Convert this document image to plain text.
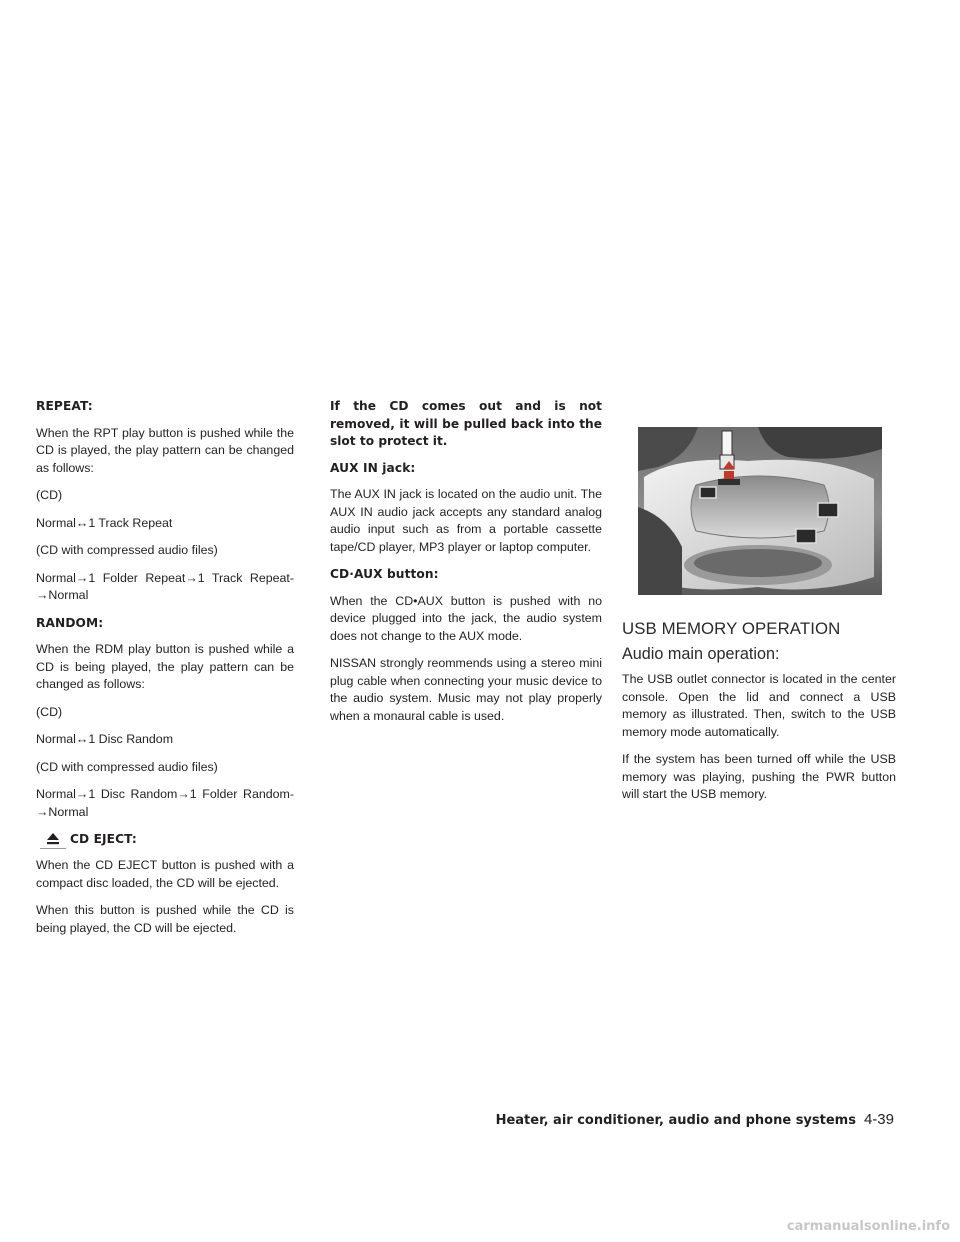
REPEAT:

When the RPT play button is pushed while the CD is played, the play pattern can be changed as follows:

(CD)

Normal↔1 Track Repeat

(CD with compressed audio files)

Normal→1 Folder Repeat→1 Track Repeat-→Normal

RANDOM:

When the RDM play button is pushed while a CD is being played, the play pattern can be changed as follows:

(CD)

Normal↔1 Disc Random

(CD with compressed audio files)

Normal→1 Disc Random→1 Folder Random-→Normal

CD EJECT:

When the CD EJECT button is pushed with a compact disc loaded, the CD will be ejected.

When this button is pushed while the CD is being played, the CD will be ejected.

If the CD comes out and is not removed, it will be pulled back into the slot to protect it.

AUX IN jack:

The AUX IN jack is located on the audio unit. The AUX IN audio jack accepts any standard analog audio input such as from a portable cassette tape/CD player, MP3 player or laptop computer.

CD·AUX button:

When the CD•AUX button is pushed with no device plugged into the jack, the audio system does not change to the AUX mode.

NISSAN strongly reommends using a stereo mini plug cable when connecting your music device to the audio system. Music may not play properly when a monaural cable is used.

USB MEMORY OPERATION
Audio main operation:

The USB outlet connector is located in the center console. Open the lid and connect a USB memory as illustrated. Then, switch to the USB memory mode automatically.

If the system has been turned off while the USB memory was playing, pushing the PWR button will start the USB memory.

Heater, air conditioner, audio and phone systems 4-39
carmanualsonline.info
